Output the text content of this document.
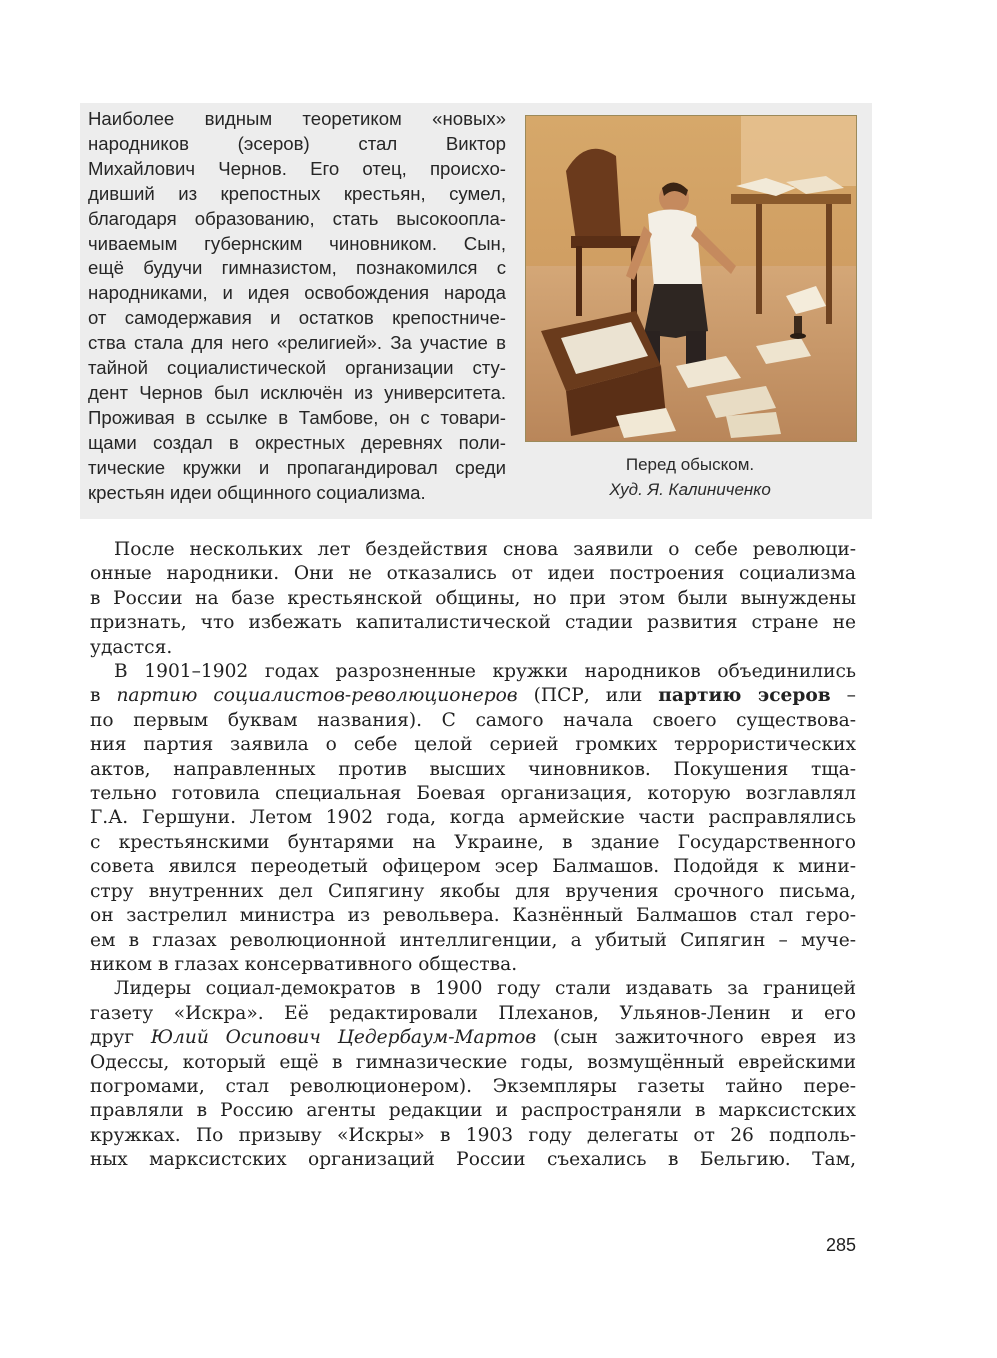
Наиболее видным теоретиком «новых»
народников (эсеров) стал Виктор
Михайлович Чернов. Его отец, происхо-
дивший из крепостных крестьян, сумел,
благодаря образованию, стать высокоопла-
чиваемым губернским чиновником. Сын,
ещё будучи гимназистом, познакомился с
народниками, и идея освобождения народа
от самодержавия и остатков крепостниче-
ства стала для него «религией». За участие в
тайной социалистической организации сту-
дент Чернов был исключён из университета.
Проживая в ссылке в Тамбове, он с товари-
щами создал в окрестных деревнях поли-
тические кружки и пропагандировал среди
крестьян идеи общинного социализма.
Перед обыском.
Худ. Я. Калиниченко
После нескольких лет бездействия снова заявили о себе революци-
онные народники. Они не отказались от идеи построения социализма
в России на базе крестьянской общины, но при этом были вынуждены
признать, что избежать капиталистической стадии развития стране не
удастся.
В 1901–1902 годах разрозненные кружки народников объединились
в партию социалистов-революционеров (ПСР, или партию эсеров –
по первым буквам названия). С самого начала своего существова-
ния партия заявила о себе целой серией громких террористических
актов, направленных против высших чиновников. Покушения тща-
тельно готовила специальная Боевая организация, которую возглавлял
Г.А. Гершуни. Летом 1902 года, когда армейские части расправлялись
с крестьянскими бунтарями на Украине, в здание Государственного
совета явился переодетый офицером эсер Балмашов. Подойдя к мини-
стру внутренних дел Сипягину якобы для вручения срочного письма,
он застрелил министра из револьвера. Казнённый Балмашов стал геро-
ем в глазах революционной интеллигенции, а убитый Сипягин – муче-
ником в глазах консервативного общества.
Лидеры социал-демократов в 1900 году стали издавать за границей
газету «Искра». Её редактировали Плеханов, Ульянов-Ленин и его
друг Юлий Осипович Цедербаум-Мартов (сын зажиточного еврея из
Одессы, который ещё в гимназические годы, возмущённый еврейскими
погромами, стал революционером). Экземпляры газеты тайно пере-
правляли в Россию агенты редакции и распространяли в марксистских
кружках. По призыву «Искры» в 1903 году делегаты от 26 подполь-
ных марксистских организаций России съехались в Бельгию. Там,
285
